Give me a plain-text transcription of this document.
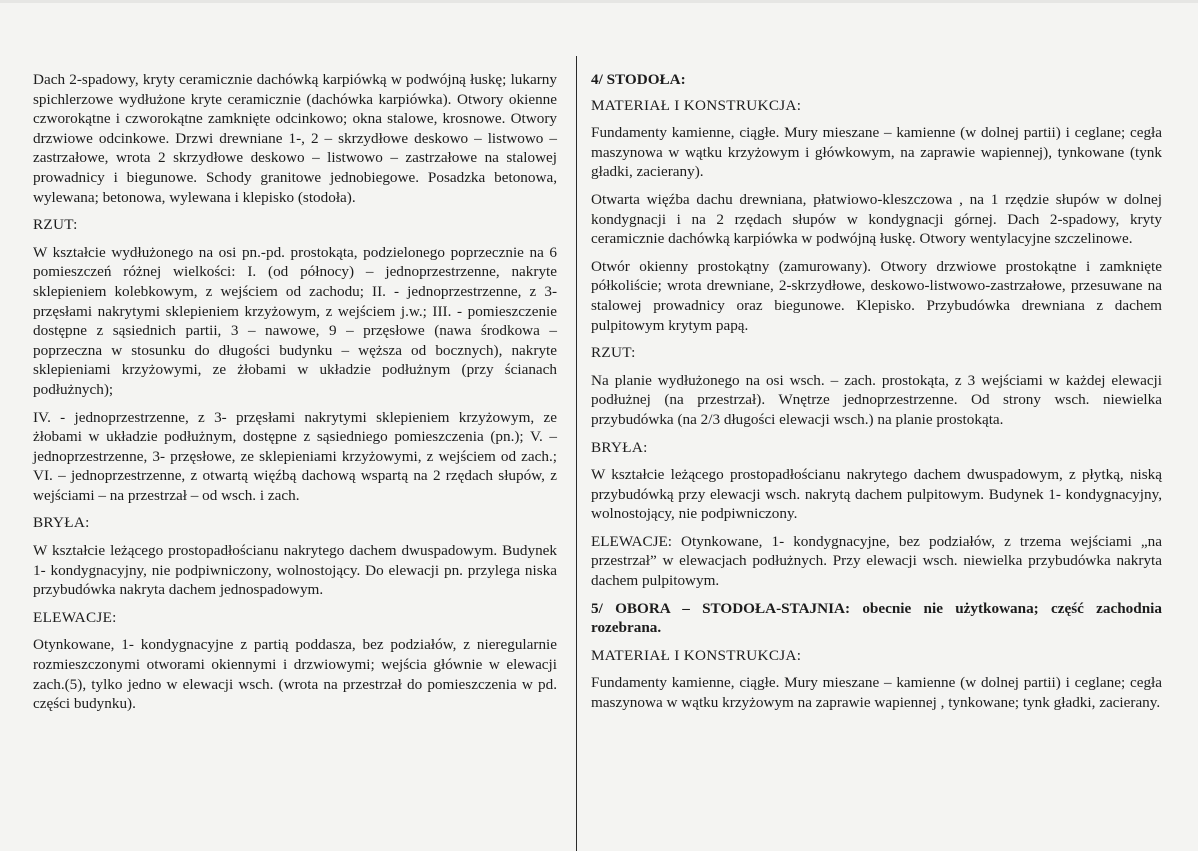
Dach 2-spadowy, kryty ceramicznie dachówką karpiówką w podwójną łuskę; lukarny spichlerzowe wydłużone kryte ceramicznie (dachówka karpiówka). Otwory okienne czworokątne i czworokątne zamknięte odcinkowo; okna stalowe, krosnowe. Otwory drzwiowe odcinkowe. Drzwi drewniane 1-, 2 – skrzydłowe deskowo – listwowo – zastrzałowe, wrota 2 skrzydłowe deskowo – listwowo – zastrzałowe na stalowej prowadnicy i biegunowe. Schody granitowe jednobiegowe. Posadzka betonowa, wylewana; betonowa, wylewana i klepisko (stodoła).

RZUT:

W kształcie wydłużonego na osi pn.-pd. prostokąta, podzielonego poprzecznie na 6 pomieszczeń różnej wielkości: I. (od północy) – jednoprzestrzenne, nakryte sklepieniem kolebkowym, z wejściem od zachodu; II. - jednoprzestrzenne, z 3- przęsłami nakrytymi sklepieniem krzyżowym, z wejściem j.w.; III. - pomieszczenie dostępne z sąsiednich partii, 3 – nawowe, 9 – przęsłowe (nawa środkowa – poprzeczna w stosunku do długości budynku – węższa od bocznych), nakryte sklepieniami krzyżowymi, ze żłobami w układzie podłużnym (przy ścianach podłużnych);

IV. - jednoprzestrzenne, z 3- przęsłami nakrytymi sklepieniem krzyżowym, ze żłobami w układzie podłużnym, dostępne z sąsiedniego pomieszczenia (pn.); V. – jednoprzestrzenne, 3- przęsłowe, ze sklepieniami krzyżowymi, z wejściem od zach.; VI. – jednoprzestrzenne, z otwartą więźbą dachową wspartą na 2 rzędach słupów, z wejściami – na przestrzał – od wsch. i zach.

BRYŁA:

W kształcie leżącego prostopadłościanu nakrytego dachem dwuspadowym. Budynek 1- kondygnacyjny, nie podpiwniczony, wolnostojący. Do elewacji pn. przylega niska przybudówka nakryta dachem jednospadowym.

ELEWACJE:

Otynkowane, 1- kondygnacyjne z partią poddasza, bez podziałów, z nieregularnie rozmieszczonymi otworami okiennymi i drzwiowymi; wejścia głównie w elewacji zach.(5), tylko jedno w elewacji wsch. (wrota na przestrzał do pomieszczenia w pd. części budynku).

4/ STODOŁA:

MATERIAŁ I KONSTRUKCJA:

Fundamenty kamienne, ciągłe. Mury mieszane – kamienne (w dolnej partii) i ceglane; cegła maszynowa w wątku krzyżowym i główkowym, na zaprawie wapiennej), tynkowane (tynk gładki, zacierany).

Otwarta więźba dachu drewniana, płatwiowo-kleszczowa , na 1 rzędzie słupów w dolnej kondygnacji i na 2 rzędach słupów w kondygnacji górnej. Dach 2-spadowy, kryty ceramicznie dachówką karpiówka w podwójną łuskę. Otwory wentylacyjne szczelinowe.

Otwór okienny prostokątny (zamurowany). Otwory drzwiowe prostokątne i zamknięte półkoliście; wrota drewniane, 2-skrzydłowe, deskowo-listwowo-zastrzałowe, przesuwane na stalowej prowadnicy oraz biegunowe. Klepisko. Przybudówka drewniana z dachem pulpitowym krytym papą.

RZUT:

Na planie wydłużonego na osi wsch. – zach. prostokąta, z 3 wejściami w każdej elewacji podłużnej (na przestrzał). Wnętrze jednoprzestrzenne. Od strony wsch. niewielka przybudówka (na 2/3 długości elewacji wsch.) na planie prostokąta.

BRYŁA:

W kształcie leżącego prostopadłościanu nakrytego dachem dwuspadowym, z płytką, niską przybudówką przy elewacji wsch. nakrytą dachem pulpitowym. Budynek 1- kondygnacyjny, wolnostojący, nie podpiwniczony.

ELEWACJE: Otynkowane, 1- kondygnacyjne, bez podziałów, z trzema wejściami „na przestrzał” w elewacjach podłużnych. Przy elewacji wsch. niewielka przybudówka nakryta dachem pulpitowym.

5/ OBORA – STODOŁA-STAJNIA: obecnie nie użytkowana; część zachodnia rozebrana.

MATERIAŁ I KONSTRUKCJA:

Fundamenty kamienne, ciągłe. Mury mieszane – kamienne (w dolnej partii) i ceglane; cegła maszynowa w wątku krzyżowym na zaprawie wapiennej , tynkowane; tynk gładki, zacierany.
